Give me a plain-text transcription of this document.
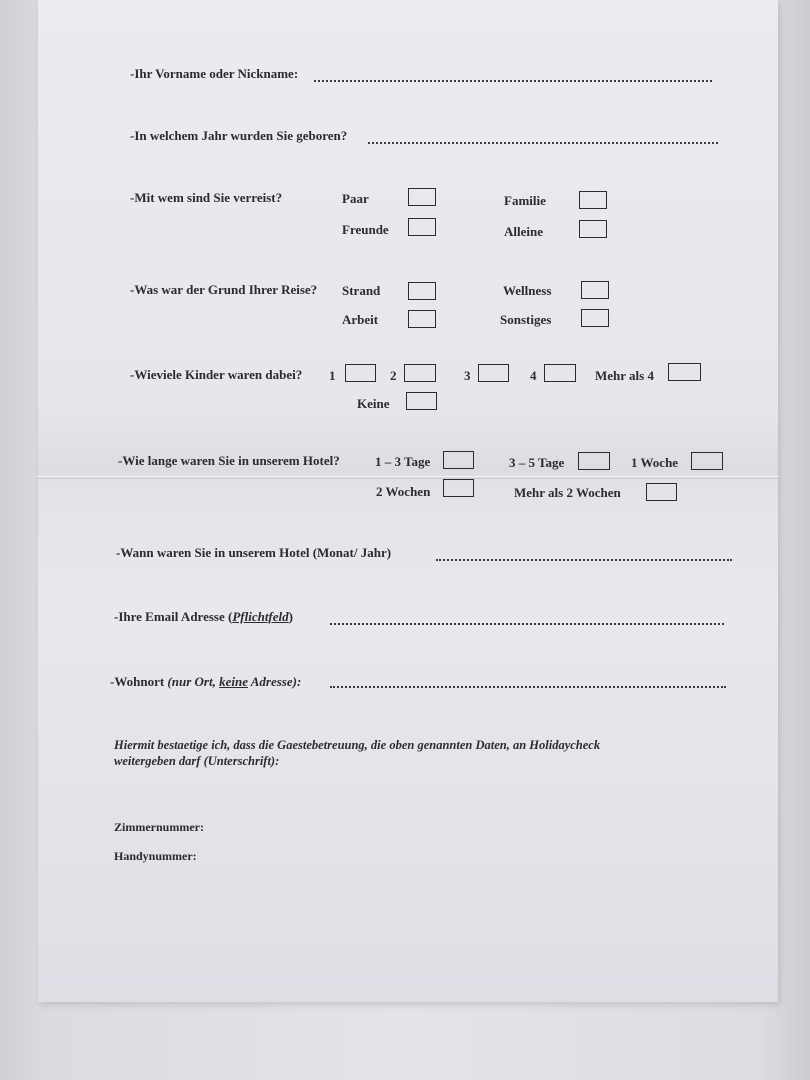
-Ihr Vorname oder Nickname:
-In welchem Jahr wurden Sie geboren?
-Mit wem sind Sie verreist?	Paar	Familie
Freunde	Alleine
-Was war der Grund Ihrer Reise? Strand	Wellness
Arbeit	Sonstiges
-Wieviele Kinder waren dabei? 1	2	3	4	Mehr als 4
Keine
-Wie lange waren Sie in unserem Hotel?	1 – 3 Tage	3 – 5 Tage	1 Woche
2 Wochen	Mehr als 2 Wochen
-Wann waren Sie in unserem Hotel (Monat/ Jahr)
-Ihre Email Adresse (Pflichtfeld)
-Wohnort (nur Ort, keine Adresse):
Hiermit bestaetige ich, dass die Gaestebetreuung, die oben genannten Daten, an Holidaycheck
weitergeben darf (Unterschrift):
Zimmernummer:
Handynummer:
